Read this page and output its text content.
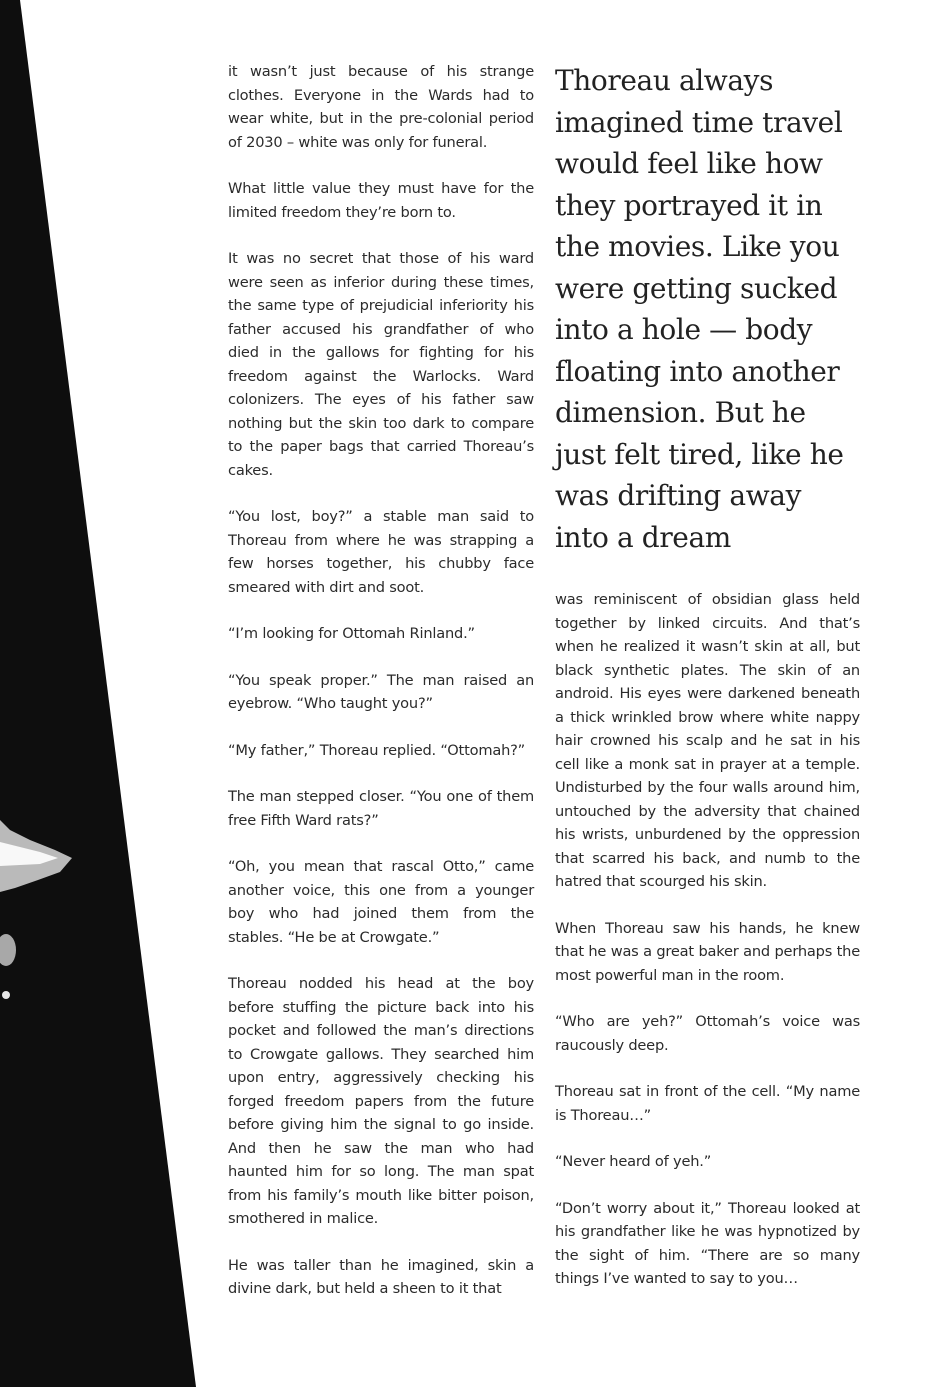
it wasn’t just because of his strange clothes. Everyone in the Wards had to wear white, but in the pre-colonial period of 2030 – white was only for funeral.

What little value they must have for the limited freedom they’re born to.

It was no secret that those of his ward were seen as inferior during these times, the same type of prejudicial inferiority his father accused his grandfather of who died in the gallows for fighting for his freedom against the Warlocks. Ward colonizers. The eyes of his father saw nothing but the skin too dark to compare to the paper bags that carried Thoreau’s cakes.

“You lost, boy?” a stable man said to Thoreau from where he was strapping a few horses together, his chubby face smeared with dirt and soot.

“I’m looking for Ottomah Rinland.”

“You speak proper.” The man raised an eyebrow. “Who taught you?”

“My father,” Thoreau replied. “Ottomah?”

The man stepped closer. “You one of them free Fifth Ward rats?”

“Oh, you mean that rascal Otto,” came another voice, this one from a younger boy who had joined them from the stables. “He be at Crowgate.”

Thoreau nodded his head at the boy before stuffing the picture back into his pocket and followed the man’s directions to Crowgate gallows. They searched him upon entry, aggressively checking his forged freedom papers from the future before giving him the signal to go inside. And then he saw the man who had haunted him for so long. The man spat from his family’s mouth like bitter poison, smothered in malice.

He was taller than he imagined, skin a divine dark, but held a sheen to it that

Thoreau always imagined time travel would feel like how they portrayed it in the movies. Like you were getting sucked into a hole — body floating into another dimension. But he just felt tired, like he was drifting away into a dream

was reminiscent of obsidian glass held together by linked circuits. And that’s when he realized it wasn’t skin at all, but black synthetic plates. The skin of an android. His eyes were darkened beneath a thick wrinkled brow where white nappy hair crowned his scalp and he sat in his cell like a monk sat in prayer at a temple. Undisturbed by the four walls around him, untouched by the adversity that chained his wrists, unburdened by the oppression that scarred his back, and numb to the hatred that scourged his skin.

When Thoreau saw his hands, he knew that he was a great baker and perhaps the most powerful man in the room.

“Who are yeh?” Ottomah’s voice was raucously deep.

Thoreau sat in front of the cell. “My name is Thoreau…”

“Never heard of yeh.”

“Don’t worry about it,” Thoreau looked at his grandfather like he was hypnotized by the sight of him. “There are so many things I’ve wanted to say to you…
